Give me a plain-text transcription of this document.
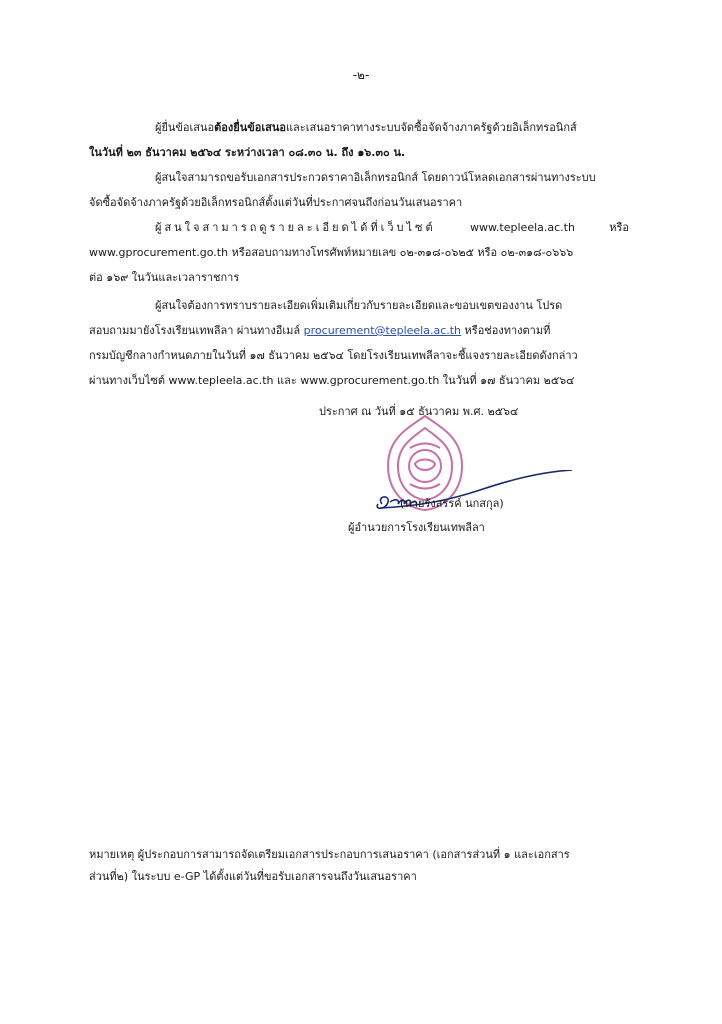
-๒-

ผู้ยื่นข้อเสนอต้องยื่นข้อเสนอและเสนอราคาทางระบบจัดซื้อจัดจ้างภาครัฐด้วยอิเล็กทรอนิกส์

ในวันที่ ๒๓ ธันวาคม ๒๕๖๔ ระหว่างเวลา ๐๘.๓๐ น. ถึง ๑๖.๓๐ น.

ผู้สนใจสามารถขอรับเอกสารประกวดราคาอิเล็กทรอนิกส์ โดยดาวน์โหลดเอกสารผ่านทางระบบ

จัดซื้อจัดจ้างภาครัฐด้วยอิเล็กทรอนิกส์ตั้งแต่วันที่ประกาศจนถึงก่อนวันเสนอราคา

ผู้สนใจสามารถดูรายละเอียดได้ที่เว็บไซต์	www.tepleela.ac.th	หรือ

www.gprocurement.go.th หรือสอบถามทางโทรศัพท์หมายเลข ๐๒-๓๑๘-๐๖๒๕ หรือ ๐๒-๓๑๘-๐๖๖๖

ต่อ ๑๖๙ ในวันและเวลาราชการ

ผู้สนใจต้องการทราบรายละเอียดเพิ่มเติมเกี่ยวกับรายละเอียดและขอบเขตของงาน โปรด

สอบถามมายังโรงเรียนเทพลีลา ผ่านทางอีเมล์ procurement@tepleela.ac.th หรือช่องทางตามที่

กรมบัญชีกลางกำหนดภายในวันที่ ๑๗ ธันวาคม ๒๕๖๔ โดยโรงเรียนเทพลีลาจะชี้แจงรายละเอียดดังกล่าว

ผ่านทางเว็บไซต์ www.tepleela.ac.th และ www.gprocurement.go.th ในวันที่ ๑๗ ธันวาคม ๒๕๖๔

ประกาศ ณ วันที่ ๑๕ ธันวาคม พ.ศ. ๒๕๖๔
(นายรังสรรค์ นกสกุล)
ผู้อำนวยการโรงเรียนเทพลีลา
หมายเหตุ ผู้ประกอบการสามารถจัดเตรียมเอกสารประกอบการเสนอราคา (เอกสารส่วนที่ ๑ และเอกสาร
ส่วนที่๒) ในระบบ e-GP ได้ตั้งแต่วันที่ขอรับเอกสารจนถึงวันเสนอราคา
